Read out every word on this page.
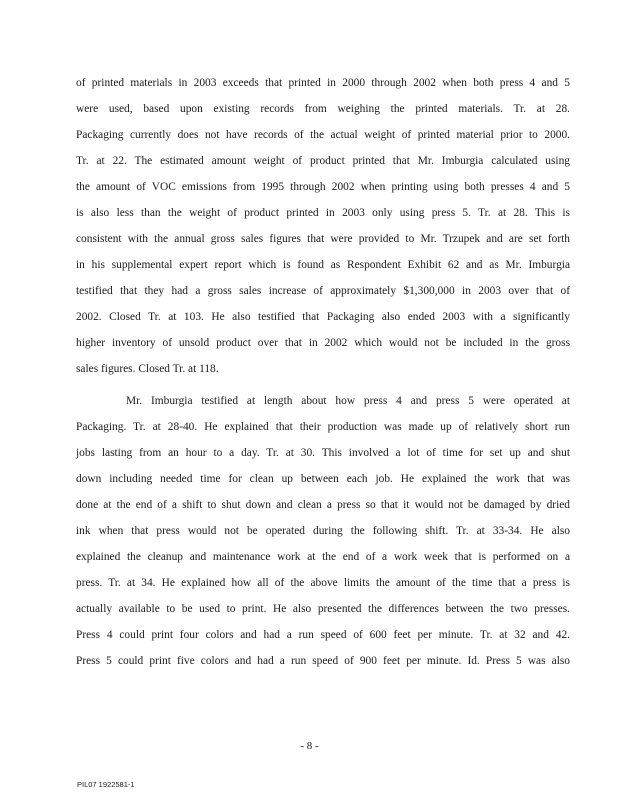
of printed materials in 2003 exceeds that printed in 2000 through 2002 when both press 4 and 5
were used, based upon existing records from weighing the printed materials. Tr. at 28.
Packaging currently does not have records of the actual weight of printed material prior to 2000.
Tr. at 22. The estimated amount weight of product printed that Mr. Imburgia calculated using
the amount of VOC emissions from 1995 through 2002 when printing using both presses 4 and 5
is also less than the weight of product printed in 2003 only using press 5. Tr. at 28. This is
consistent with the annual gross sales figures that were provided to Mr. Trzupek and are set forth
in his supplemental expert report which is found as Respondent Exhibit 62 and as Mr. Imburgia
testified that they had a gross sales increase of approximately $1,300,000 in 2003 over that of
2002. Closed Tr. at 103. He also testified that Packaging also ended 2003 with a significantly
higher inventory of unsold product over that in 2002 which would not be included in the gross
sales figures. Closed Tr. at 118.
Mr. Imburgia testified at length about how press 4 and press 5 were operated at
Packaging. Tr. at 28-40. He explained that their production was made up of relatively short run
jobs lasting from an hour to a day. Tr. at 30. This involved a lot of time for set up and shut
down including needed time for clean up between each job. He explained the work that was
done at the end of a shift to shut down and clean a press so that it would not be damaged by dried
ink when that press would not be operated during the following shift. Tr. at 33-34. He also
explained the cleanup and maintenance work at the end of a work week that is performed on a
press. Tr. at 34. He explained how all of the above limits the amount of the time that a press is
actually available to be used to print. He also presented the differences between the two presses.
Press 4 could print four colors and had a run speed of 600 feet per minute. Tr. at 32 and 42.
Press 5 could print five colors and had a run speed of 900 feet per minute. Id. Press 5 was also
- 8 -
PIL07 1922581-1
